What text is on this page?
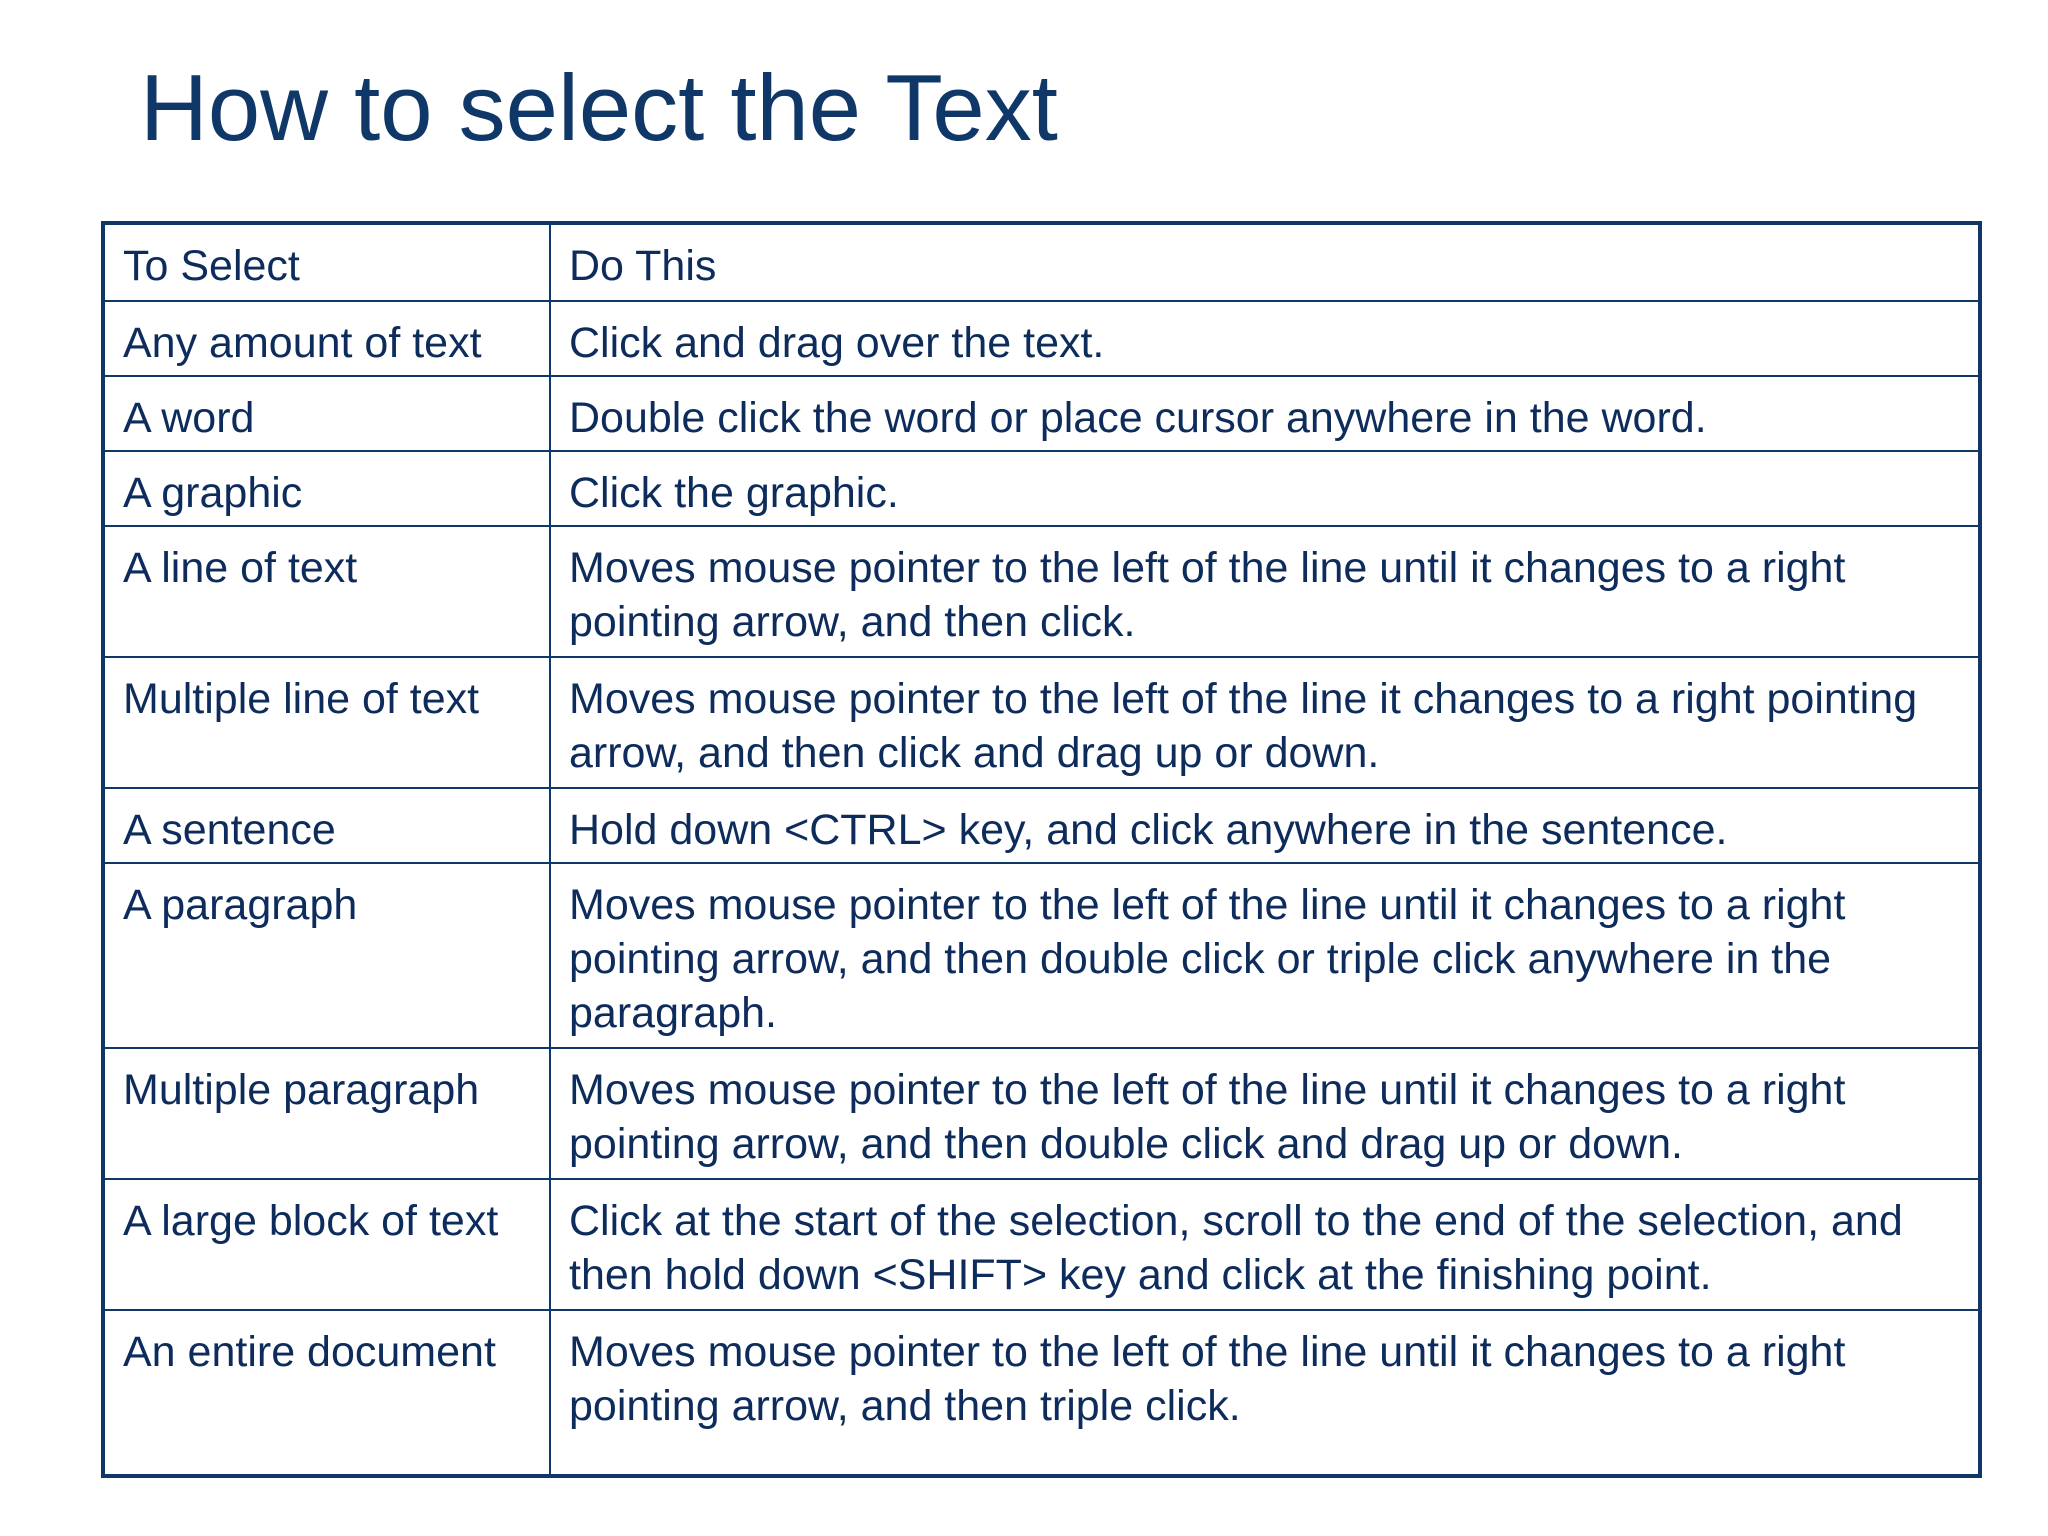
How to select the Text
To Select	Do This
Any amount of text	Click and drag over the text.
A word	Double click the word or place cursor anywhere in the word.
A graphic	Click the graphic.
A line of text	Moves mouse pointer to the left of the line until it changes to a right pointing arrow, and then click.
Multiple line of text	Moves mouse pointer to the left of the line it changes to a right pointing arrow, and then click and drag up or down.
A sentence	Hold down <CTRL> key, and click anywhere in the sentence.
A paragraph	Moves mouse pointer to the left of the line until it changes to a right pointing arrow, and then double click or triple click anywhere in the paragraph.
Multiple paragraph	Moves mouse pointer to the left of the line until it changes to a right pointing arrow, and then double click and drag up or down.
A large block of text	Click at the start of the selection, scroll to the end of the selection, and then hold down <SHIFT> key and click at the finishing point.
An entire document	Moves mouse pointer to the left of the line until it changes to a right pointing arrow, and then triple click.
